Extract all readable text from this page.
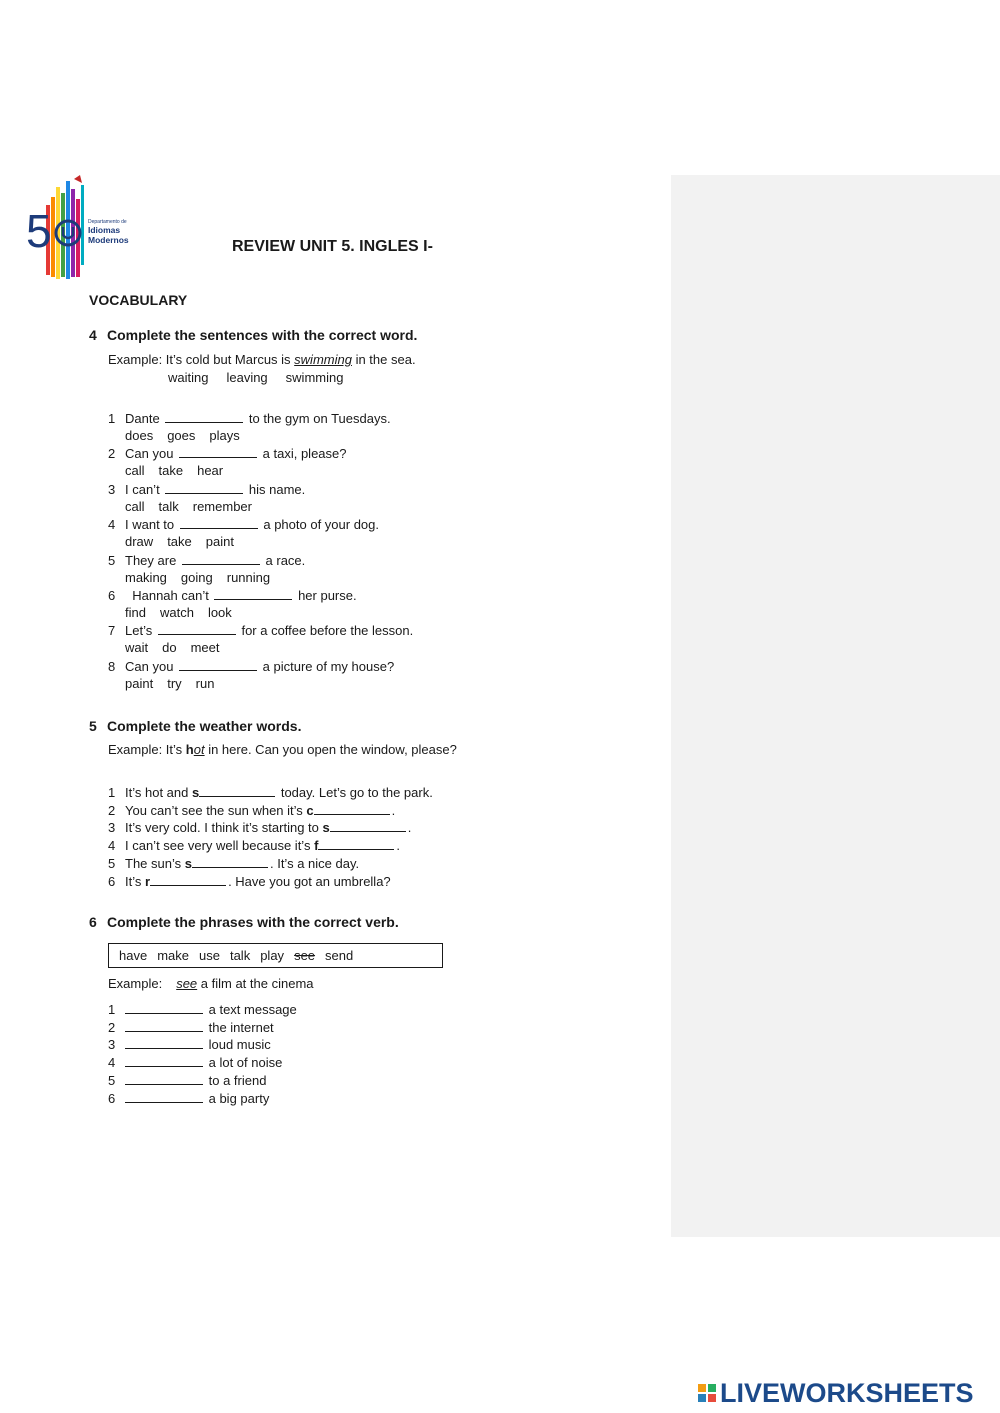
5	Departamento de
Idiomas
Modernos	REVIEW UNIT 5. INGLES I-
VOCABULARY
4 Complete the sentences with the correct word.
Example: It’s cold but Marcus is swimming in the sea.
waiting leaving swimming
1 Dante	to the gym on Tuesdays.
does goes plays
2 Can you	a taxi, please?
call take hear
3 I can’t	his name.
call talk remember
4 I want to	a photo of your dog.
draw take paint
5 They are	a race.
making going running
6  Hannah can’t	her purse.
find watch look
7 Let’s	for a coffee before the lesson.
wait do meet
8 Can you	a picture of my house?
paint try run
5 Complete the weather words.
Example: It’s hot in here. Can you open the window, please?
1 It’s hot and s	today. Let’s go to the park.
2 You can’t see the sun when it’s c	.
3 It’s very cold. I think it’s starting to s	.
4 I can’t see very well because it’s f	.
5 The sun’s s	. It’s a nice day.
6 It’s r	. Have you got an umbrella?
6 Complete the phrases with the correct verb.
have make use talk play see send
Example: see a film at the cinema
1	a text message
2	the internet
3	loud music
4	a lot of noise
5	to a friend
6	a big party
LIVEWORKSHEETS
